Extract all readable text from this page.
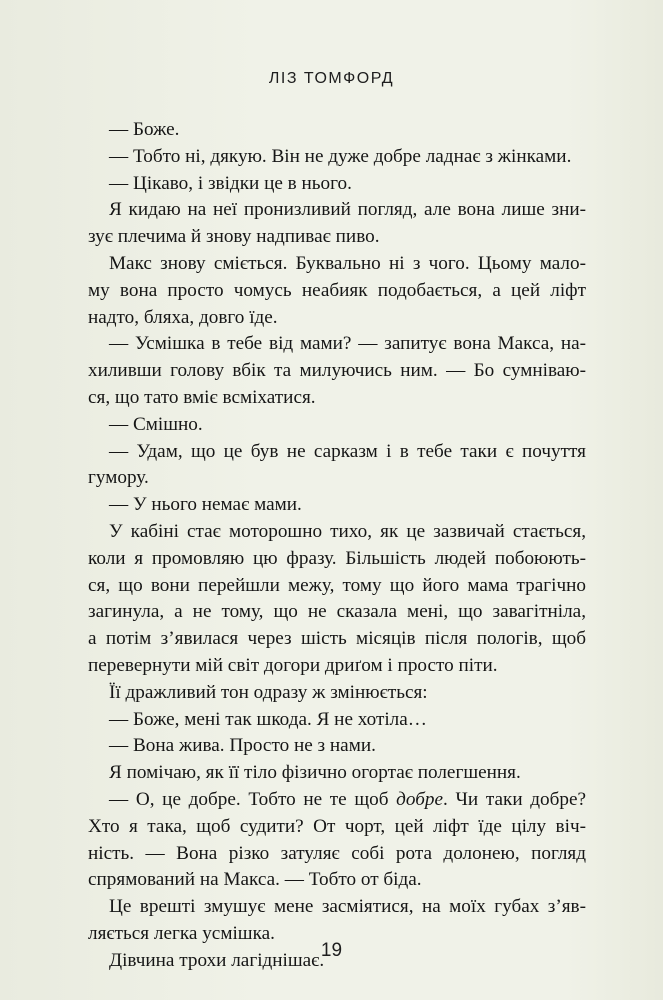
ЛІЗ ТОМФОРД
— Боже.
— Тобто ні, дякую. Він не дуже добре ладнає з жінками.
— Цікаво, і звідки це в нього.
Я кидаю на неї пронизливий погляд, але вона лише зни-
зує плечима й знову надпиває пиво.
Макс знову сміється. Буквально ні з чого. Цьому мало-
му вона просто чомусь неабияк подобається, а цей ліфт
надто, бляха, довго їде.
— Усмішка в тебе від мами? — запитує вона Макса, на-
хиливши голову вбік та милуючись ним. — Бо сумніваю-
ся, що тато вміє всміхатися.
— Смішно.
— Удам, що це був не сарказм і в тебе таки є почуття
гумору.
— У нього немає мами.
У кабіні стає моторошно тихо, як це зазвичай стається,
коли я промовляю цю фразу. Більшість людей побоюють-
ся, що вони перейшли межу, тому що його мама трагічно
загинула, а не тому, що не сказала мені, що завагітніла,
а потім з’явилася через шість місяців після пологів, щоб
перевернути мій світ догори дриґом і просто піти.
Її дражливий тон одразу ж змінюється:
— Боже, мені так шкода. Я не хотіла…
— Вона жива. Просто не з нами.
Я помічаю, як її тіло фізично огортає полегшення.
— О, це добре. Тобто не те щоб добре. Чи таки добре?
Хто я така, щоб судити? От чорт, цей ліфт їде цілу віч-
ність. — Вона різко затуляє собі рота долонею, погляд
спрямований на Макса. — Тобто от біда.
Це врешті змушує мене засміятися, на моїх губах з’яв-
ляється легка усмішка.
Дівчина трохи лагіднішає.
19
